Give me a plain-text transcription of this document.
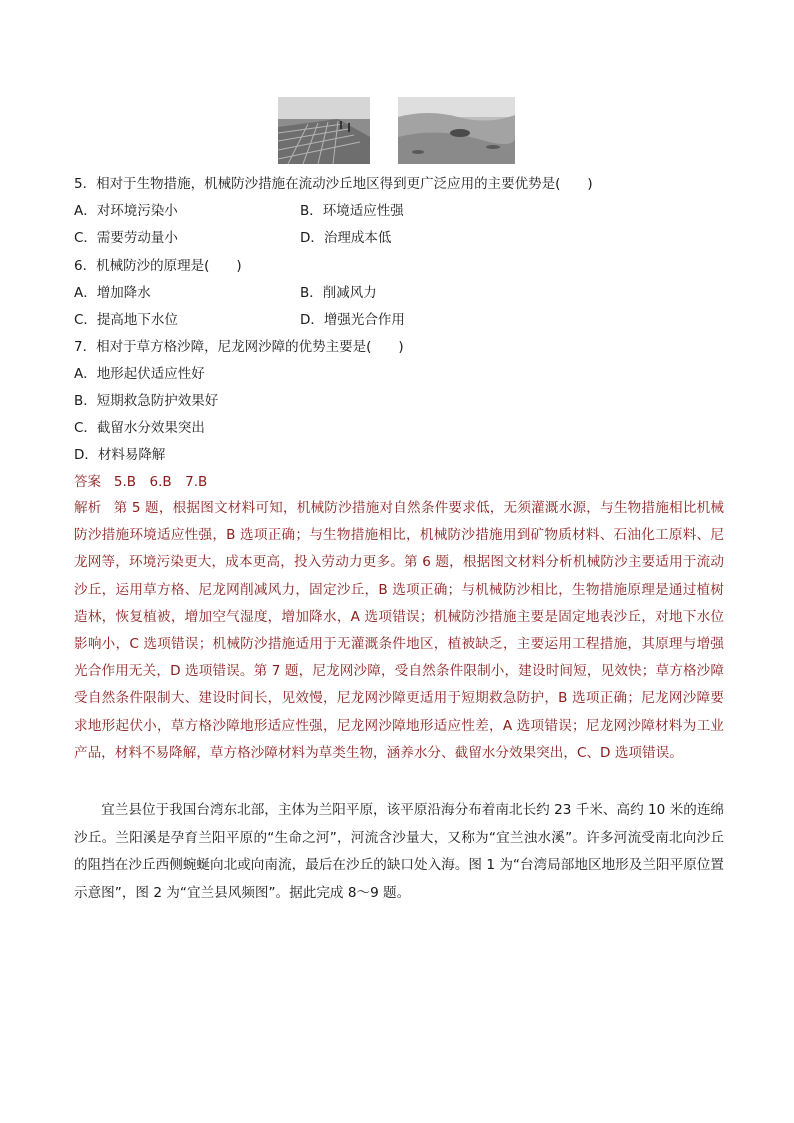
5．相对于生物措施，机械防沙措施在流动沙丘地区得到更广泛应用的主要优势是(　　)
A．对环境污染小	B．环境适应性强
C．需要劳动量小	D．治理成本低
6．机械防沙的原理是(　　)
A．增加降水	B．削减风力
C．提高地下水位	D．增强光合作用
7．相对于草方格沙障，尼龙网沙障的优势主要是(　　)
A．地形起伏适应性好
B．短期救急防护效果好
C．截留水分效果突出
D．材料易降解
答案 5.B　6.B　7.B
解析 第 5 题，根据图文材料可知，机械防沙措施对自然条件要求低，无须灌溉水源，与生物措施相比机械防沙措施环境适应性强，B 选项正确；与生物措施相比，机械防沙措施用到矿物质材料、石油化工原料、尼龙网等，环境污染更大，成本更高，投入劳动力更多。第 6 题，根据图文材料分析机械防沙主要适用于流动沙丘，运用草方格、尼龙网削减风力，固定沙丘，B 选项正确；与机械防沙相比，生物措施原理是通过植树造林，恢复植被，增加空气湿度，增加降水，A 选项错误；机械防沙措施主要是固定地表沙丘，对地下水位影响小，C 选项错误；机械防沙措施适用于无灌溉条件地区，植被缺乏，主要运用工程措施，其原理与增强光合作用无关，D 选项错误。第 7 题，尼龙网沙障，受自然条件限制小，建设时间短，见效快；草方格沙障受自然条件限制大、建设时间长，见效慢，尼龙网沙障更适用于短期救急防护，B 选项正确；尼龙网沙障要求地形起伏小，草方格沙障地形适应性强，尼龙网沙障地形适应性差，A 选项错误；尼龙网沙障材料为工业产品，材料不易降解，草方格沙障材料为草类生物，涵养水分、截留水分效果突出，C、D 选项错误。
宜兰县位于我国台湾东北部，主体为兰阳平原，该平原沿海分布着南北长约 23 千米、高约 10 米的连绵沙丘。兰阳溪是孕育兰阳平原的“生命之河”，河流含沙量大，又称为“宜兰浊水溪”。许多河流受南北向沙丘的阻挡在沙丘西侧蜿蜒向北或向南流，最后在沙丘的缺口处入海。图 1 为“台湾局部地区地形及兰阳平原位置示意图”，图 2 为“宜兰县风频图”。据此完成 8～9 题。
